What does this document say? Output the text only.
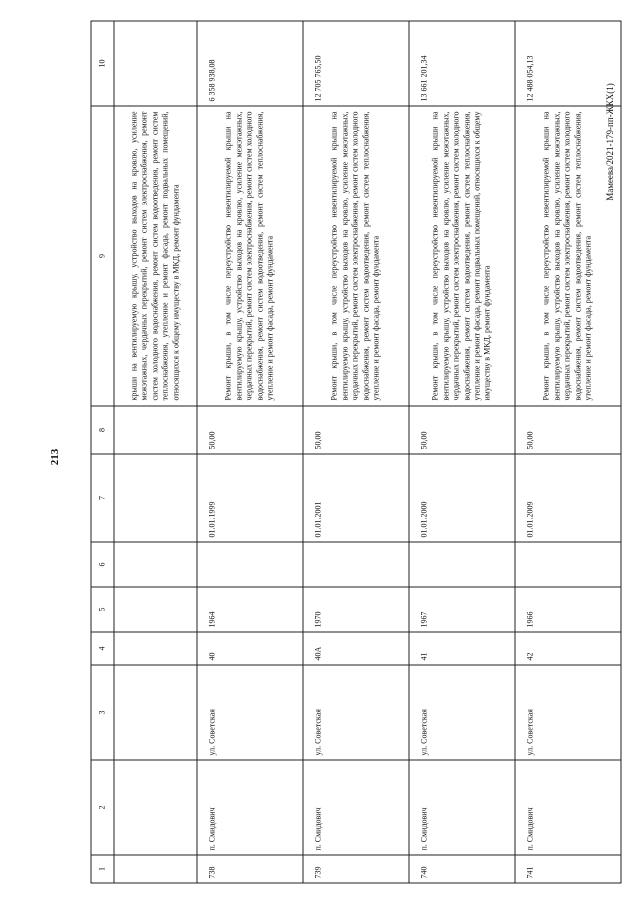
213
Мамеева/2021-179-пп-ЖКХ(1)
1	2	3	4	5	6	7	8	9	10
								крыши на вентилируемую крышу, устройство выходов на кровлю, усиление межэтажных, чердачных перекрытий, ремонт систем электроснабжения, ремонт систем холодного водоснабжения, ремонт систем водоотведения, ремонт систем теплоснабжения, утепление и ремонт фасада, ремонт подвальных помещений, относящихся к общему имуществу в МКД, ремонт фундамента	
738	п. Смидович	ул. Советская	40	1964		01.01.1999	50,00	Ремонт крыши, в том числе переустройство невентилируемой крыши на вентилируемую крышу, устройство выходов на кровлю, усиление межэтажных, чердачных перекрытий, ремонт систем электроснабжения, ремонт систем холодного водоснабжения, ремонт систем водоотведения, ремонт систем теплоснабжения, утепление и ремонт фасада, ремонт фундамента	6 358 938,08
739	п. Смидович	ул. Советская	40А	1970		01.01.2001	50,00	Ремонт крыши, в том числе переустройство невентилируемой крыши на вентилируемую крышу, устройство выходов на кровлю, усиление межэтажных, чердачных перекрытий, ремонт систем электроснабжения, ремонт систем холодного водоснабжения, ремонт систем водоотведения, ремонт систем теплоснабжения, утепление и ремонт фасада, ремонт фундамента	12 705 765,50
740	п. Смидович	ул. Советская	41	1967		01.01.2000	50,00	Ремонт крыши, в том числе переустройство невентилируемой крыши на вентилируемую крышу, устройство выходов на кровлю, усиление межэтажных, чердачных перекрытий, ремонт систем электроснабжения, ремонт систем холодного водоснабжения, ремонт систем водоотведения, ремонт систем теплоснабжения, утепление и ремонт фасада, ремонт подвальных помещений, относящихся к общему имуществу в МКД, ремонт фундамента	13 661 201,34
741	п. Смидович	ул. Советская	42	1966		01.01.2009	50,00	Ремонт крыши, в том числе переустройство невентилируемой крыши на вентилируемую крышу, устройство выходов на кровлю, усиление межэтажных, чердачных перекрытий, ремонт систем электроснабжения, ремонт систем холодного водоснабжения, ремонт систем водоотведения, ремонт систем теплоснабжения, утепление и ремонт фасада, ремонт фундамента	12 488 054,13
